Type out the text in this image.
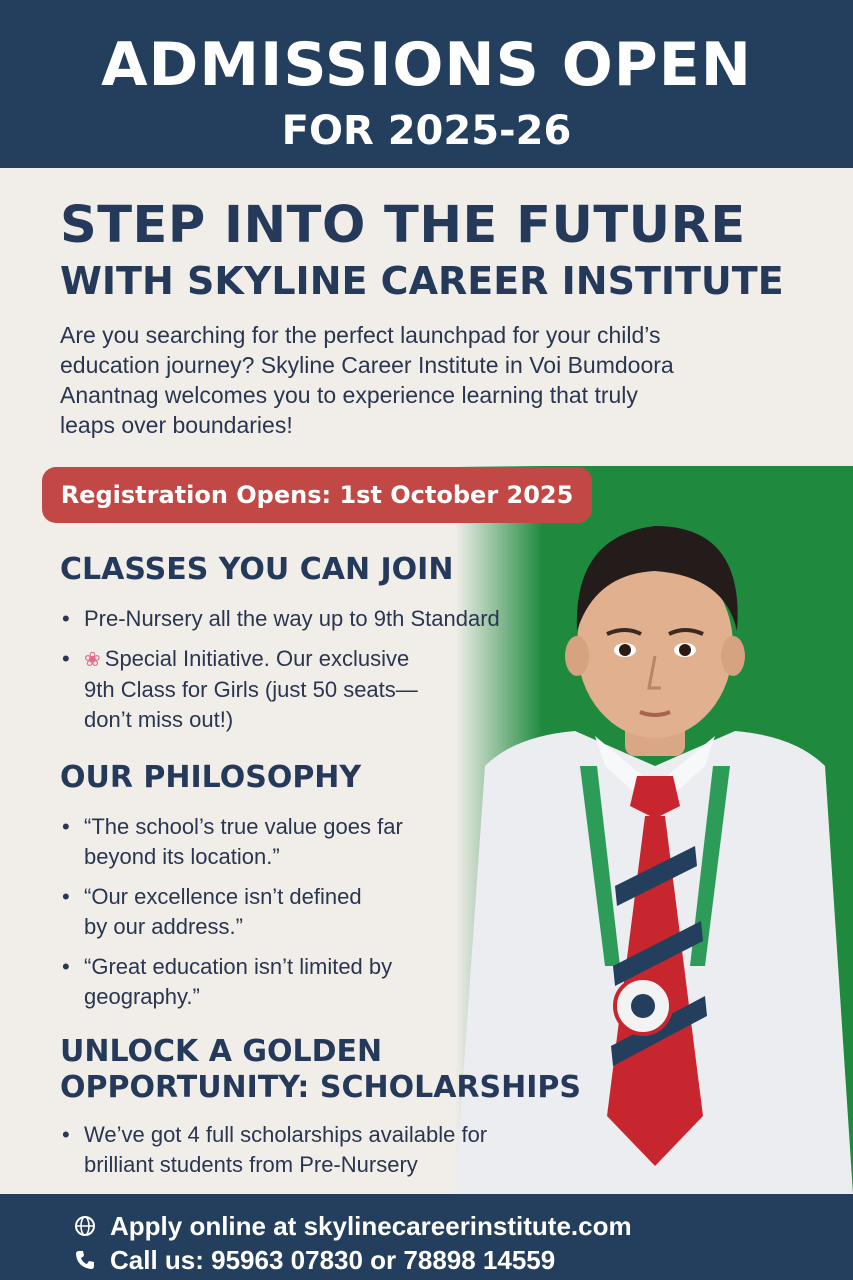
ADMISSIONS OPEN
FOR 2025-26
STEP INTO THE FUTURE
WITH SKYLINE CAREER INSTITUTE
Are you searching for the perfect launchpad for your child’s
education journey? Skyline Career Institute in Voi Bumdoora
Anantnag welcomes you to experience learning that truly
leaps over boundaries!
Registration Opens: 1st October 2025
CLASSES YOU CAN JOIN
• Pre-Nursery all the way up to 9th Standard
• ❀ Special Initiative. Our exclusive
9th Class for Girls (just 50 seats—
don’t miss out!)
OUR PHILOSOPHY
• “The school’s true value goes far
beyond its location.”
• “Our excellence isn’t defined
by our address.”
• “Great education isn’t limited by
geography.”
UNLOCK A GOLDEN
OPPORTUNITY: SCHOLARSHIPS
• We’ve got 4 full scholarships available for
brilliant students from Pre-Nursery
Apply online at skylinecareerinstitute.com
Call us: 95963 07830 or 78898 14559
